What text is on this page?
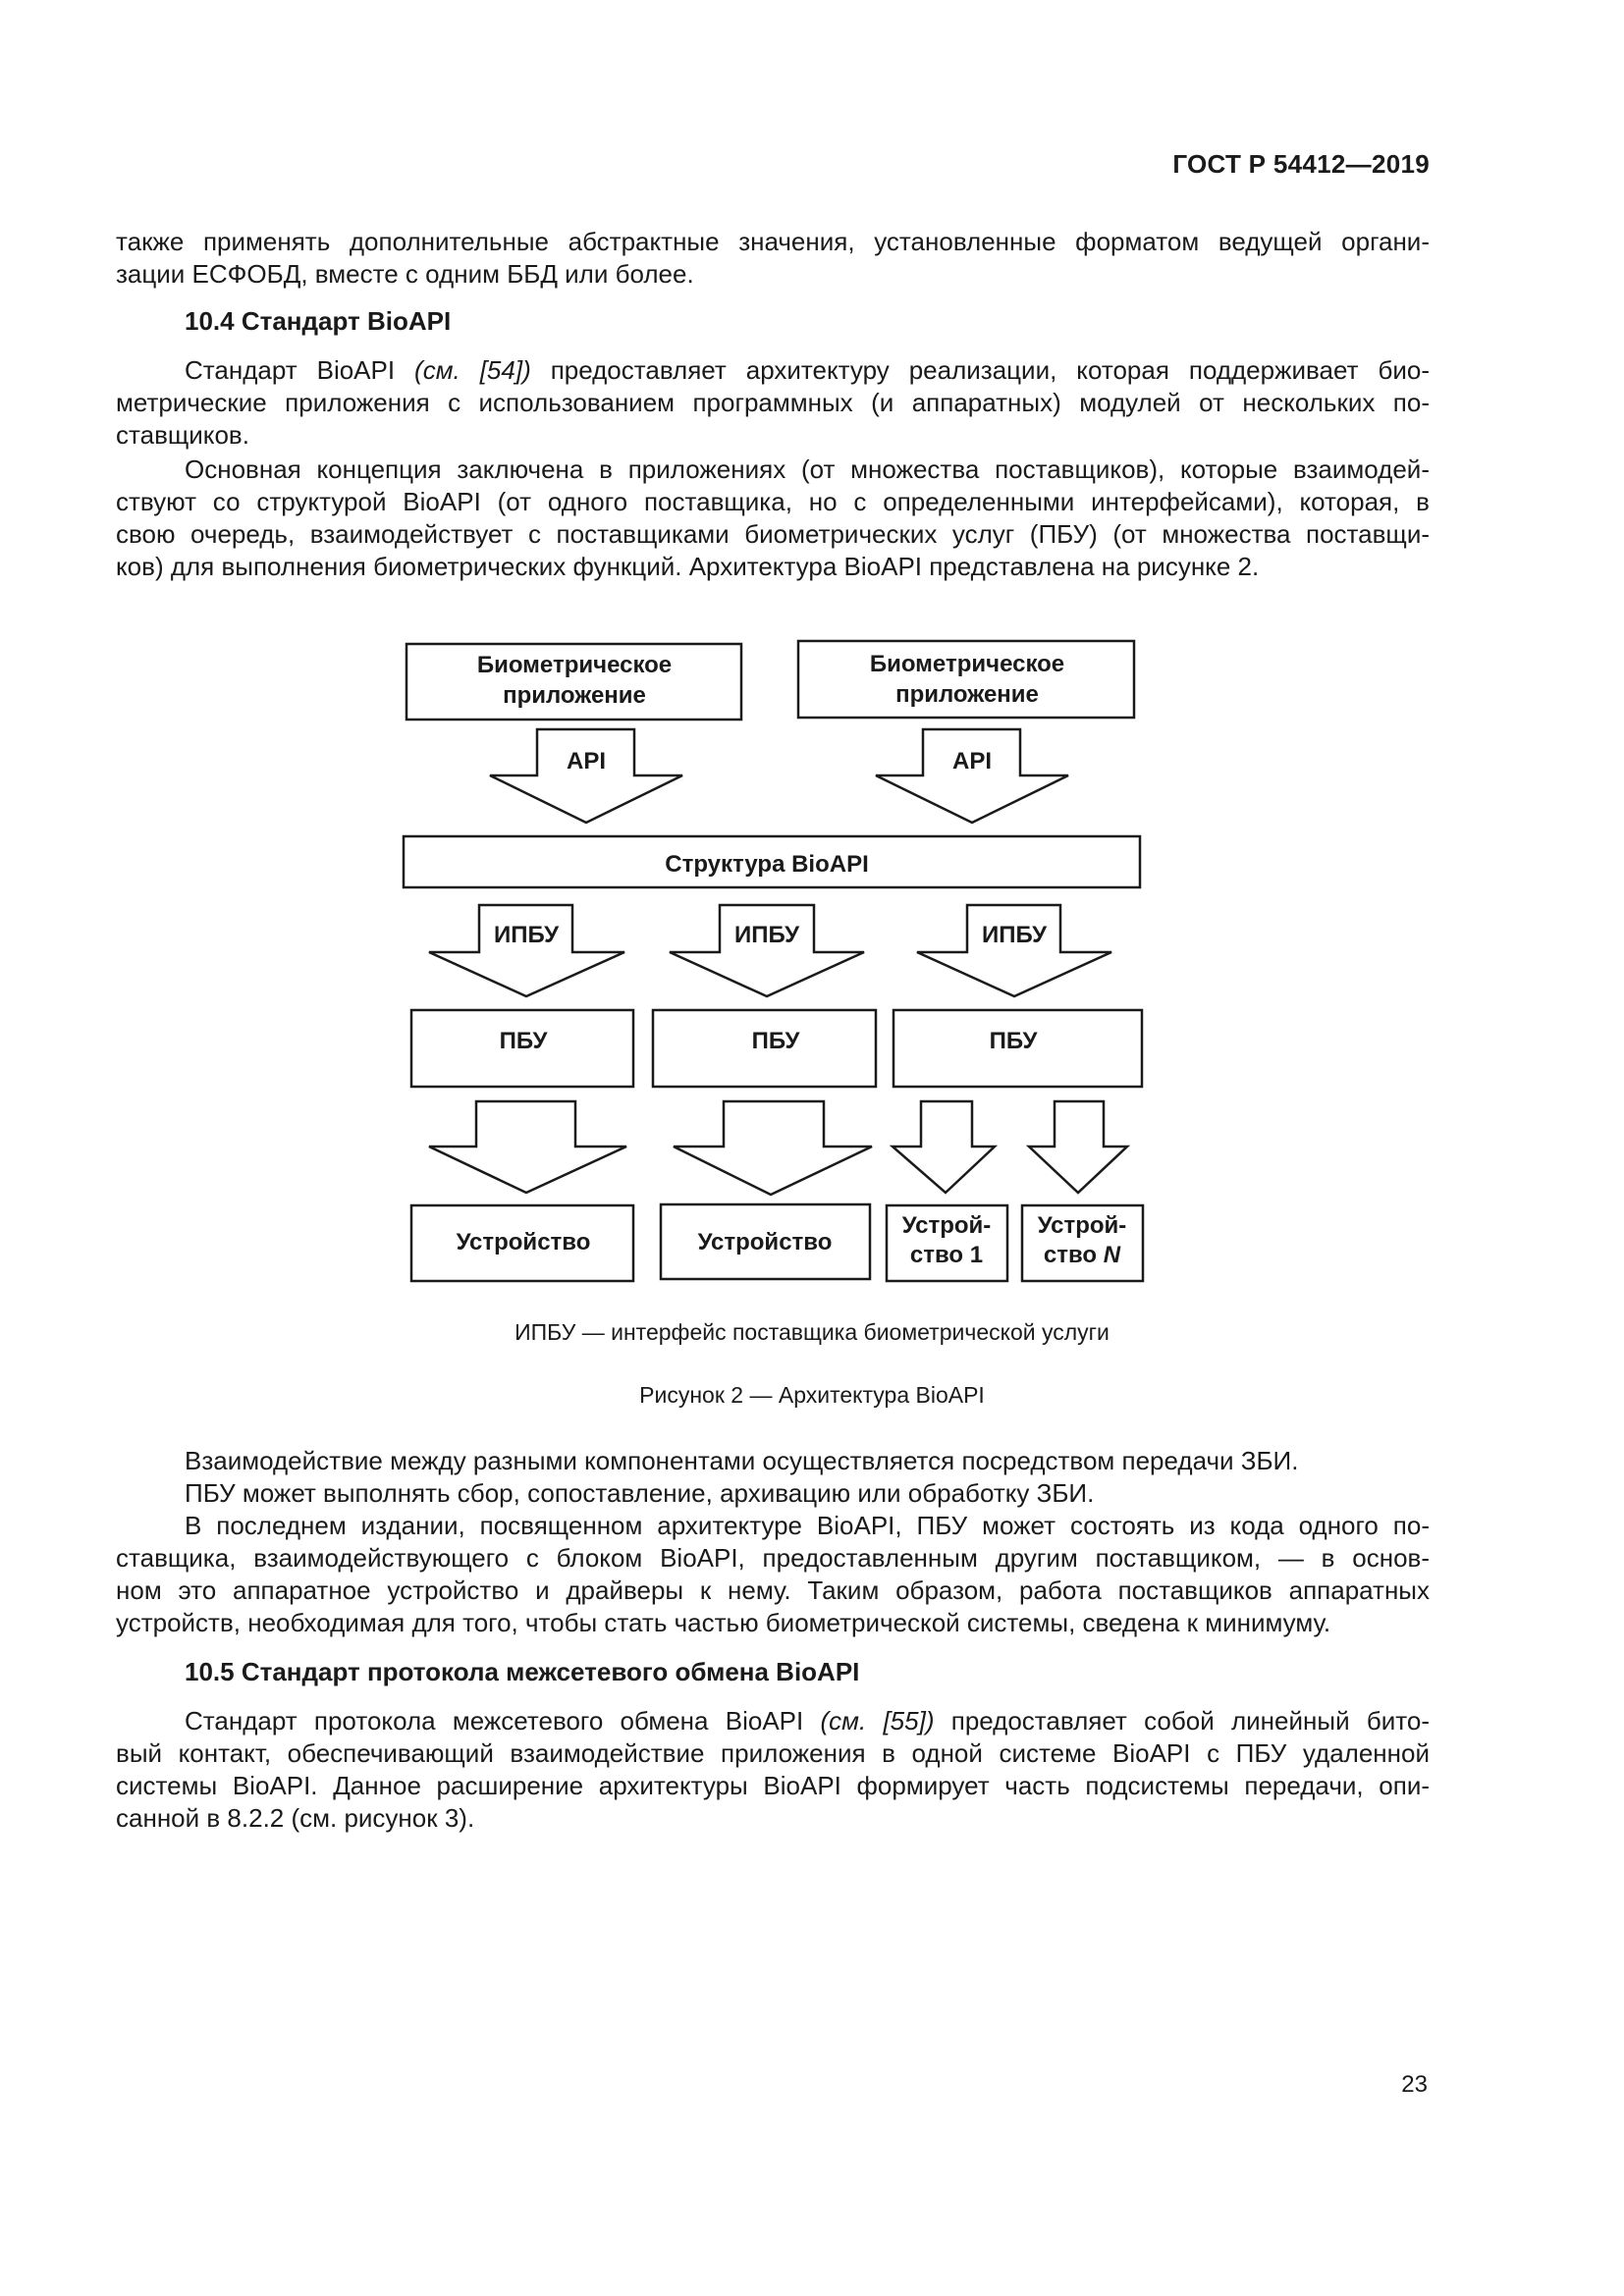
ГОСТ Р 54412—2019
также применять дополнительные абстрактные значения, установленные форматом ведущей органи-
зации ЕСФОБД, вместе с одним ББД или более.
10.4 Стандарт BioAPI
Стандарт BioAPI (см. [54]) предоставляет архитектуру реализации, которая поддерживает био-
метрические приложения с использованием программных (и аппаратных) модулей от нескольких по-
ставщиков.
Основная концепция заключена в приложениях (от множества поставщиков), которые взаимодей-
ствуют со структурой BioAPI (от одного поставщика, но с определенными интерфейсами), которая, в
свою очередь, взаимодействует с поставщиками биометрических услуг (ПБУ) (от множества поставщи-
ков) для выполнения биометрических функций. Архитектура BioAPI представлена на рисунке 2.
Биометрическое
приложение
Биометрическое
приложение
API	API
Структура BioAPI
ИПБУ	ИПБУ	ИПБУ
ПБУ	ПБУ	ПБУ
Устройство	Устройство
Устрой-
ство 1
Устрой-
ство N
ИПБУ — интерфейс поставщика биометрической услуги
Рисунок 2 — Архитектура BioAPI
Взаимодействие между разными компонентами осуществляется посредством передачи ЗБИ.
ПБУ может выполнять сбор, сопоставление, архивацию или обработку ЗБИ.
В последнем издании, посвященном архитектуре BioAPI, ПБУ может состоять из кода одного по-
ставщика, взаимодействующего с блоком BioAPI, предоставленным другим поставщиком, — в основ-
ном это аппаратное устройство и драйверы к нему. Таким образом, работа поставщиков аппаратных
устройств, необходимая для того, чтобы стать частью биометрической системы, сведена к минимуму.
10.5 Стандарт протокола межсетевого обмена BioAPI
Стандарт протокола межсетевого обмена BioAPI (см. [55]) предоставляет собой линейный бито-
вый контакт, обеспечивающий взаимодействие приложения в одной системе BioAPI с ПБУ удаленной
системы BioAPI. Данное расширение архитектуры BioAPI формирует часть подсистемы передачи, опи-
санной в 8.2.2 (см. рисунок 3).
23
